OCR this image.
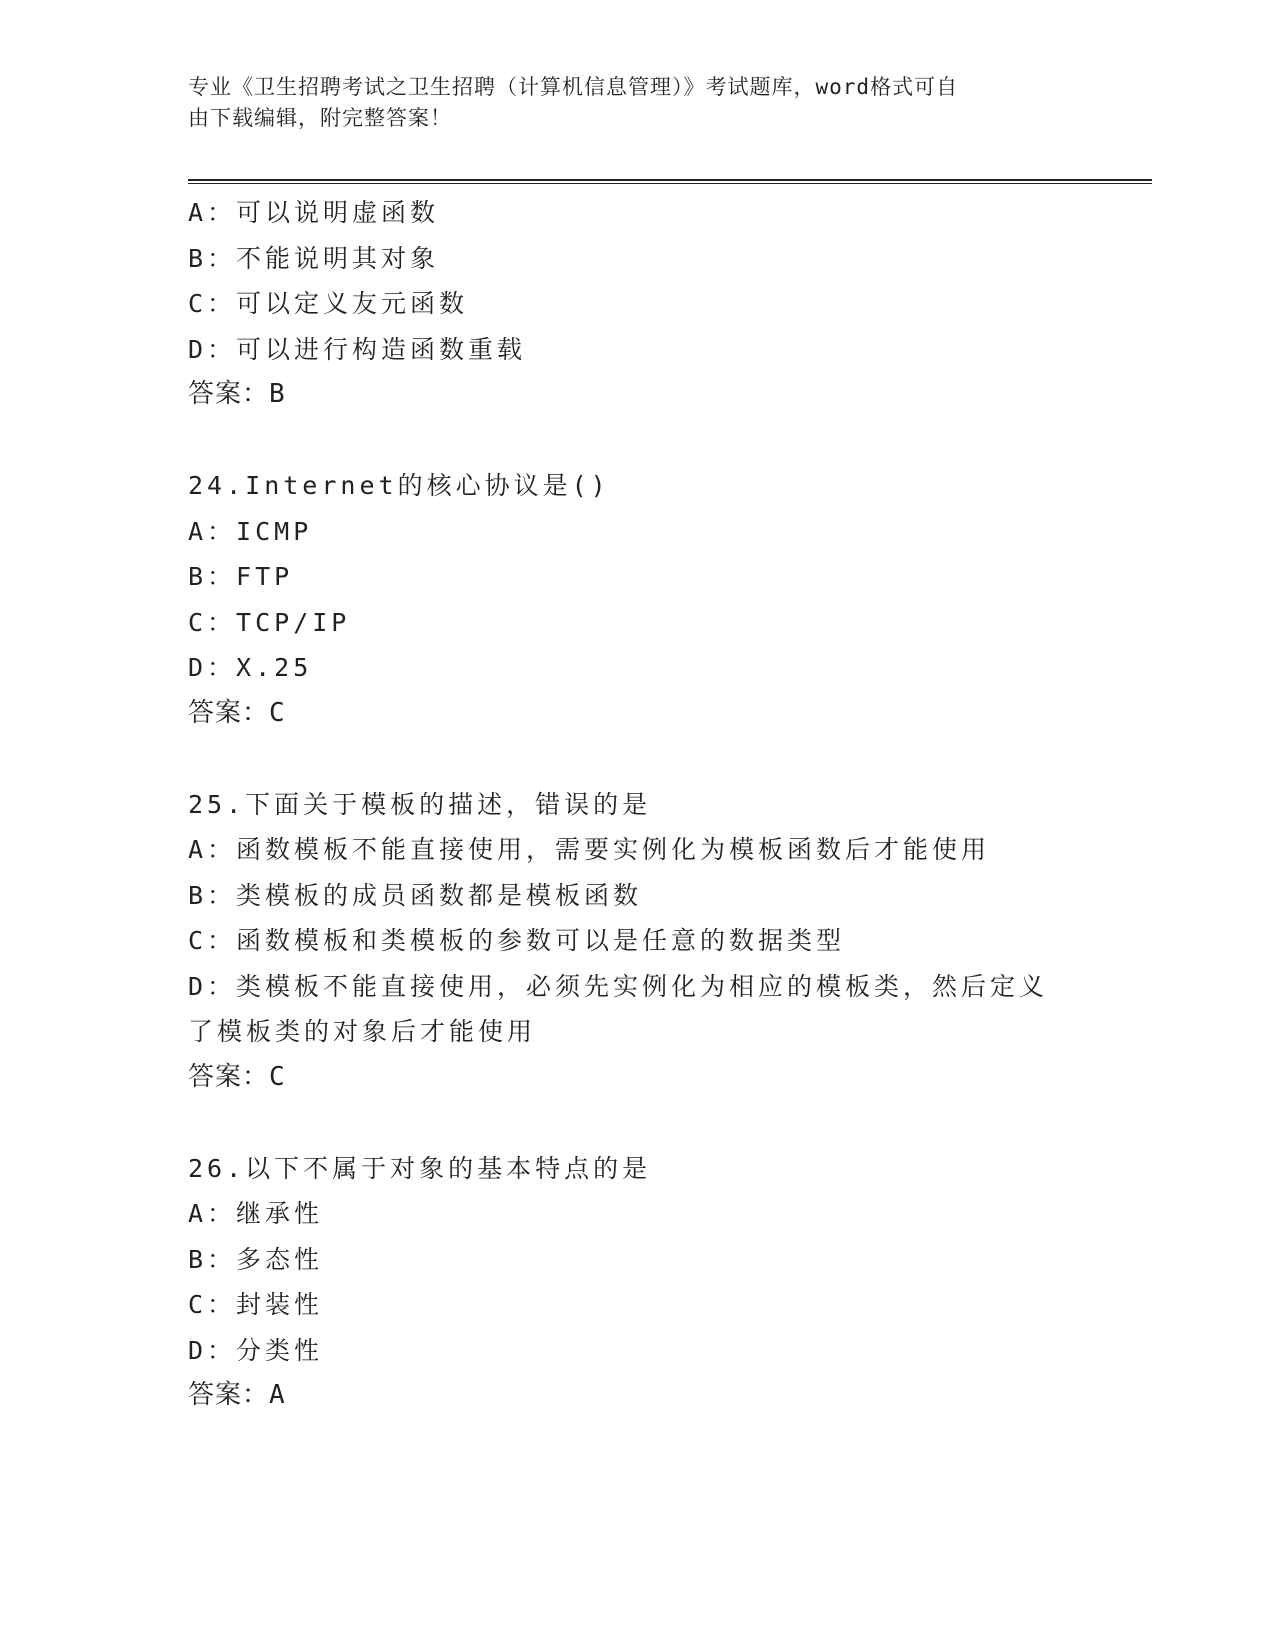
专业《卫生招聘考试之卫生招聘（计算机信息管理）》考试题库，word格式可自
由下载编辑，附完整答案！
A：可以说明虚函数
B：不能说明其对象
C：可以定义友元函数
D：可以进行构造函数重载
答案：B
24.Internet的核心协议是()
A：ICMP
B：FTP
C：TCP/IP
D：X.25
答案：C
25.下面关于模板的描述，错误的是
A：函数模板不能直接使用，需要实例化为模板函数后才能使用
B：类模板的成员函数都是模板函数
C：函数模板和类模板的参数可以是任意的数据类型
D：类模板不能直接使用，必须先实例化为相应的模板类，然后定义了模板类的对象后才能使用
答案：C
26.以下不属于对象的基本特点的是
A：继承性
B：多态性
C：封装性
D：分类性
答案：A
